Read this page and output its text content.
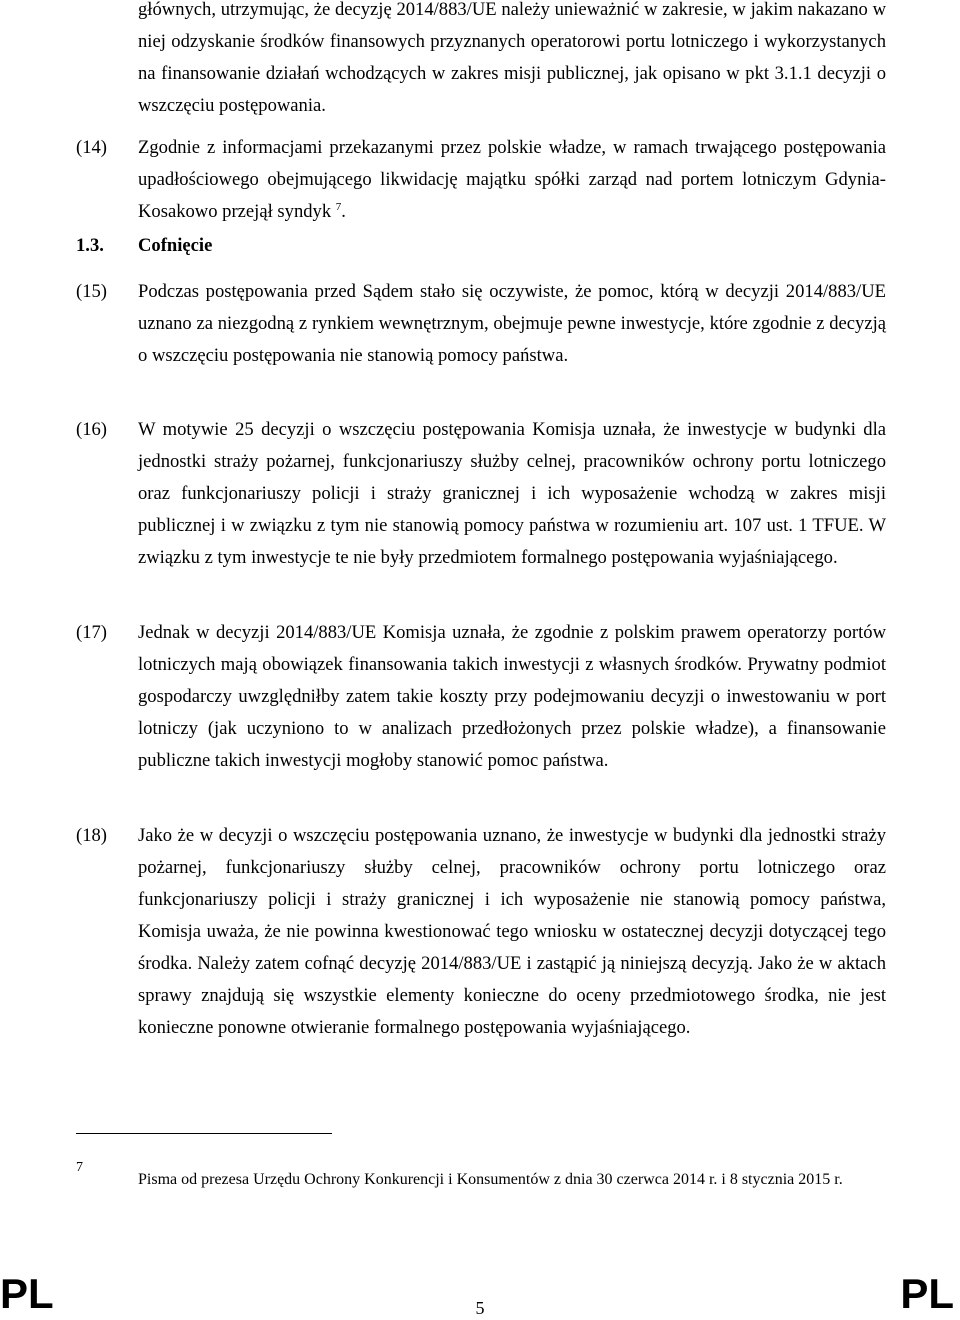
głównych, utrzymując, że decyzję 2014/883/UE należy unieważnić w zakresie, w jakim nakazano w niej odzyskanie środków finansowych przyznanych operatorowi portu lotniczego i wykorzystanych na finansowanie działań wchodzących w zakres misji publicznej, jak opisano w pkt 3.1.1 decyzji o wszczęciu postępowania.
(14) Zgodnie z informacjami przekazanymi przez polskie władze, w ramach trwającego postępowania upadłościowego obejmującego likwidację majątku spółki zarząd nad portem lotniczym Gdynia-Kosakowo przejął syndyk $^7$.
1.3. Cofnięcie
(15) Podczas postępowania przed Sądem stało się oczywiste, że pomoc, którą w decyzji 2014/883/UE uznano za niezgodną z rynkiem wewnętrznym, obejmuje pewne inwestycje, które zgodnie z decyzją o wszczęciu postępowania nie stanowią pomocy państwa.
(16) W motywie 25 decyzji o wszczęciu postępowania Komisja uznała, że inwestycje w budynki dla jednostki straży pożarnej, funkcjonariuszy służby celnej, pracowników ochrony portu lotniczego oraz funkcjonariuszy policji i straży granicznej i ich wyposażenie wchodzą w zakres misji publicznej i w związku z tym nie stanowią pomocy państwa w rozumieniu art. 107 ust. 1 TFUE. W związku z tym inwestycje te nie były przedmiotem formalnego postępowania wyjaśniającego.
(17) Jednak w decyzji 2014/883/UE Komisja uznała, że zgodnie z polskim prawem operatorzy portów lotniczych mają obowiązek finansowania takich inwestycji z własnych środków. Prywatny podmiot gospodarczy uwzględniłby zatem takie koszty przy podejmowaniu decyzji o inwestowaniu w port lotniczy (jak uczyniono to w analizach przedłożonych przez polskie władze), a finansowanie publiczne takich inwestycji mogłoby stanowić pomoc państwa.
(18) Jako że w decyzji o wszczęciu postępowania uznano, że inwestycje w budynki dla jednostki straży pożarnej, funkcjonariuszy służby celnej, pracowników ochrony portu lotniczego oraz funkcjonariuszy policji i straży granicznej i ich wyposażenie nie stanowią pomocy państwa, Komisja uważa, że nie powinna kwestionować tego wniosku w ostatecznej decyzji dotyczącej tego środka. Należy zatem cofnąć decyzję 2014/883/UE i zastąpić ją niniejszą decyzją. Jako że w aktach sprawy znajdują się wszystkie elementy konieczne do oceny przedmiotowego środka, nie jest konieczne ponowne otwieranie formalnego postępowania wyjaśniającego.
7
Pisma od prezesa Urzędu Ochrony Konkurencji i Konsumentów z dnia 30 czerwca 2014 r. i 8 stycznia 2015 r.
PL	5	PL
